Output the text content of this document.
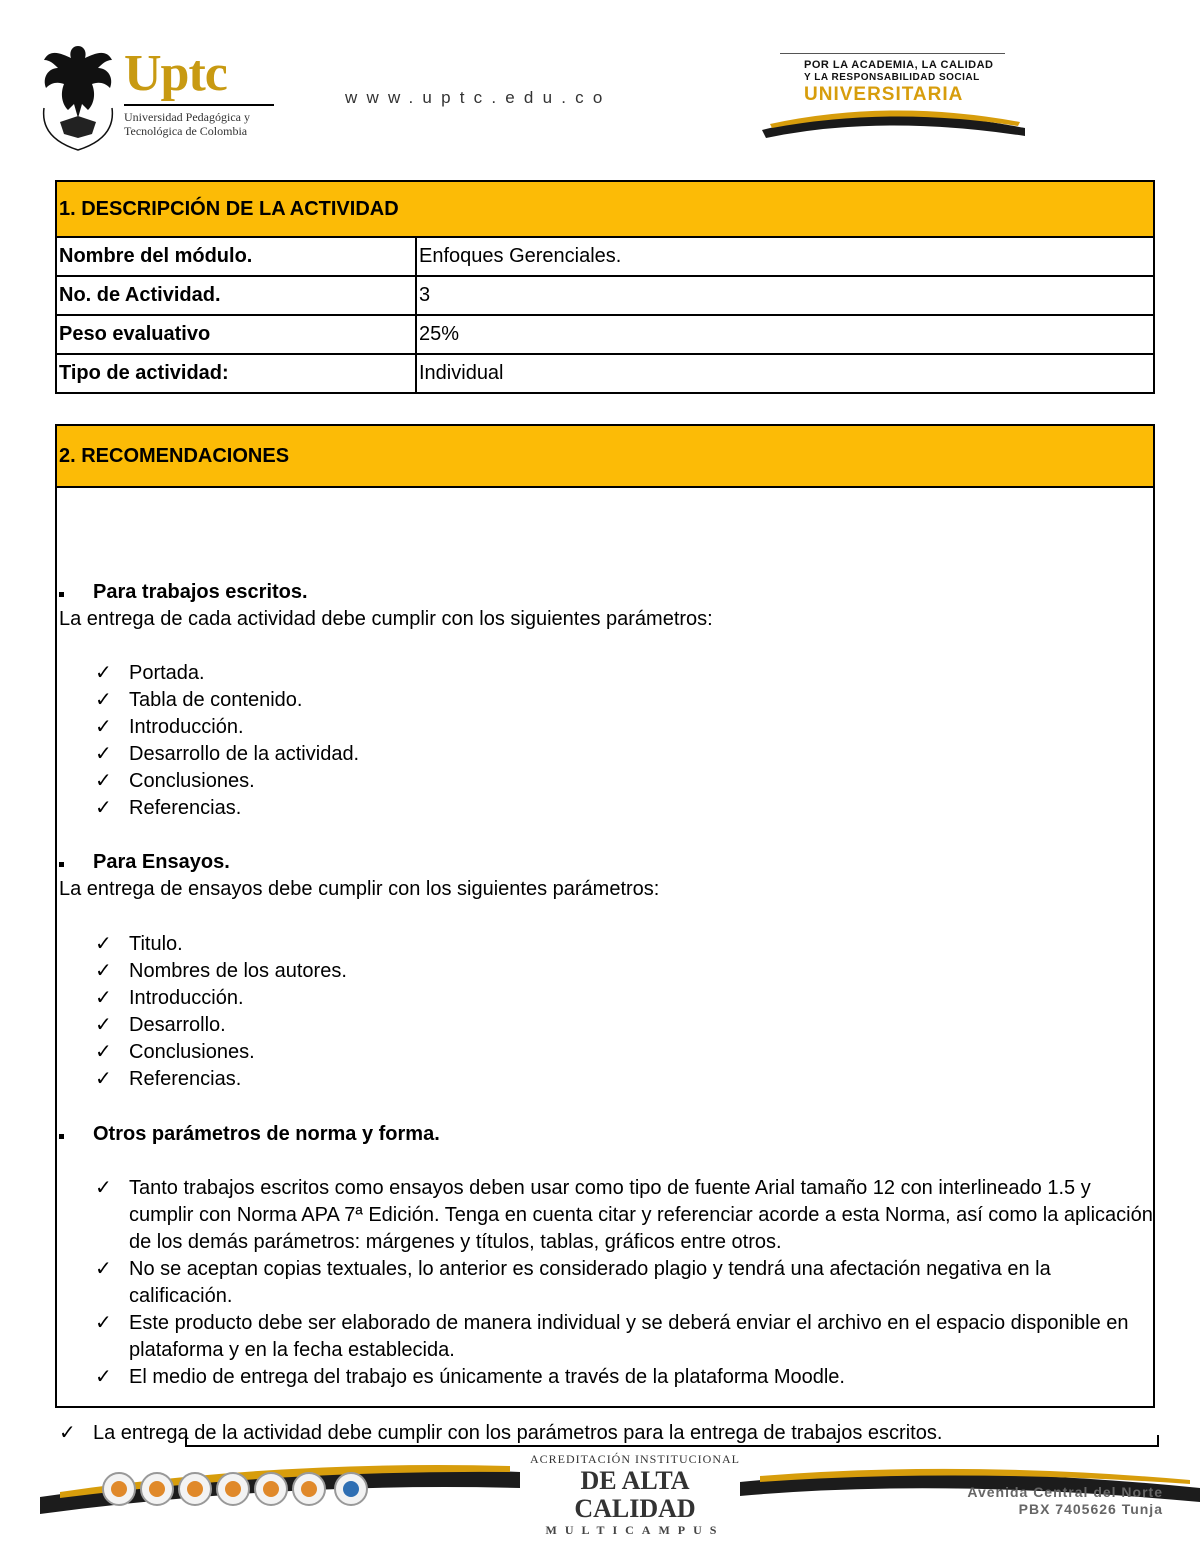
Uptc
Universidad Pedagógica y
Tecnológica de Colombia
www.uptc.edu.co
POR LA ACADEMIA, LA CALIDAD
Y LA RESPONSABILIDAD SOCIAL
UNIVERSITARIA
1. DESCRIPCIÓN DE LA ACTIVIDAD	
Nombre del módulo.	Enfoques Gerenciales.
No. de Actividad.	3
Peso evaluativo	25%
Tipo de actividad:	Individual
2. RECOMENDACIONES

Para trabajos escritos.
La entrega de cada actividad debe cumplir con los siguientes parámetros:
✓ Portada.
✓ Tabla de contenido.
✓ Introducción.
✓ Desarrollo de la actividad.
✓ Conclusiones.
✓ Referencias.
Para Ensayos.
La entrega de ensayos debe cumplir con los siguientes parámetros:
✓ Titulo.
✓ Nombres de los autores.
✓ Introducción.
✓ Desarrollo.
✓ Conclusiones.
✓ Referencias.
Otros parámetros de norma y forma.
✓ Tanto trabajos escritos como ensayos deben usar como tipo de fuente Arial tamaño 12 con interlineado 1.5 y cumplir con Norma APA 7ª Edición. Tenga en cuenta citar y referenciar acorde a esta Norma, así como la aplicación de los demás parámetros: márgenes y títulos, tablas, gráficos entre otros.
✓ No se aceptan copias textuales, lo anterior es considerado plagio y tendrá una afectación negativa en la calificación.
✓ Este producto debe ser elaborado de manera individual y se deberá enviar el archivo en el espacio disponible en plataforma y en la fecha establecida.
✓ El medio de entrega del trabajo es únicamente a través de la plataforma Moodle.
✓ La entrega de la actividad debe cumplir con los parámetros para la entrega de trabajos escritos.
ACREDITACIÓN INSTITUCIONAL
DE ALTA CALIDAD
MULTICAMPUS
Avenida Central del Norte
PBX 7405626 Tunja
